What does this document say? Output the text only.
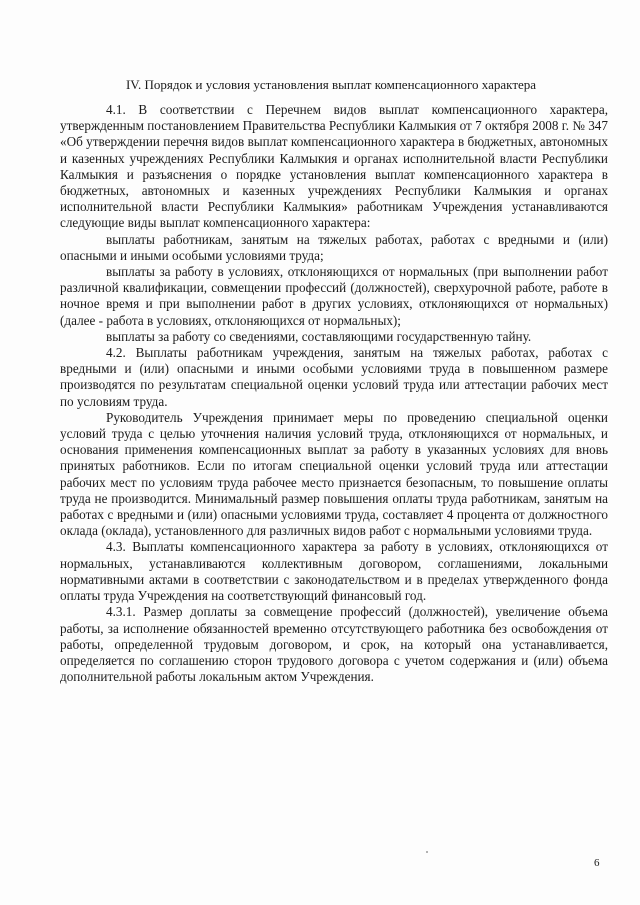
IV. Порядок и условия установления выплат компенсационного характера

4.1. В соответствии с Перечнем видов выплат компенсационного характера, утвержденным постановлением Правительства Республики Калмыкия от 7 октября 2008 г. № 347 «Об утверждении перечня видов выплат компенсационного характера в бюджетных, автономных и казенных учреждениях Республики Калмыкия и органах исполнительной власти Республики Калмыкия и разъяснения о порядке установления выплат компенсационного характера в бюджетных, автономных и казенных учреждениях Республики Калмыкия и органах исполнительной власти Республики Калмыкия» работникам Учреждения устанавливаются следующие виды выплат компенсационного характера:

выплаты работникам, занятым на тяжелых работах, работах с вредными и (или) опасными и иными особыми условиями труда;

выплаты за работу в условиях, отклоняющихся от нормальных (при выполнении работ различной квалификации, совмещении профессий (должностей), сверхурочной работе, работе в ночное время и при выполнении работ в других условиях, отклоняющихся от нормальных) (далее - работа в условиях, отклоняющихся от нормальных);

выплаты за работу со сведениями, составляющими государственную тайну.

4.2. Выплаты работникам учреждения, занятым на тяжелых работах, работах с вредными и (или) опасными и иными особыми условиями труда в повышенном размере производятся по результатам специальной оценки условий труда или аттестации рабочих мест по условиям труда.

Руководитель Учреждения принимает меры по проведению специальной оценки условий труда с целью уточнения наличия условий труда, отклоняющихся от нормальных, и основания применения компенсационных выплат за работу в указанных условиях для вновь принятых работников. Если по итогам специальной оценки условий труда или аттестации рабочих мест по условиям труда рабочее место признается безопасным, то повышение оплаты труда не производится. Минимальный размер повышения оплаты труда работникам, занятым на работах с вредными и (или) опасными условиями труда, составляет 4 процента от должностного оклада (оклада), установленного для различных видов работ с нормальными условиями труда.

4.3. Выплаты компенсационного характера за работу в условиях, отклоняющихся от нормальных, устанавливаются коллективным договором, соглашениями, локальными нормативными актами в соответствии с законодательством и в пределах утвержденного фонда оплаты труда Учреждения на соответствующий финансовый год.

4.3.1. Размер доплаты за совмещение профессий (должностей), увеличение объема работы, за исполнение обязанностей временно отсутствующего работника без освобождения от работы, определенной трудовым договором, и срок, на который она устанавливается, определяется по соглашению сторон трудового договора с учетом содержания и (или) объема дополнительной работы локальным актом Учреждения.

6
